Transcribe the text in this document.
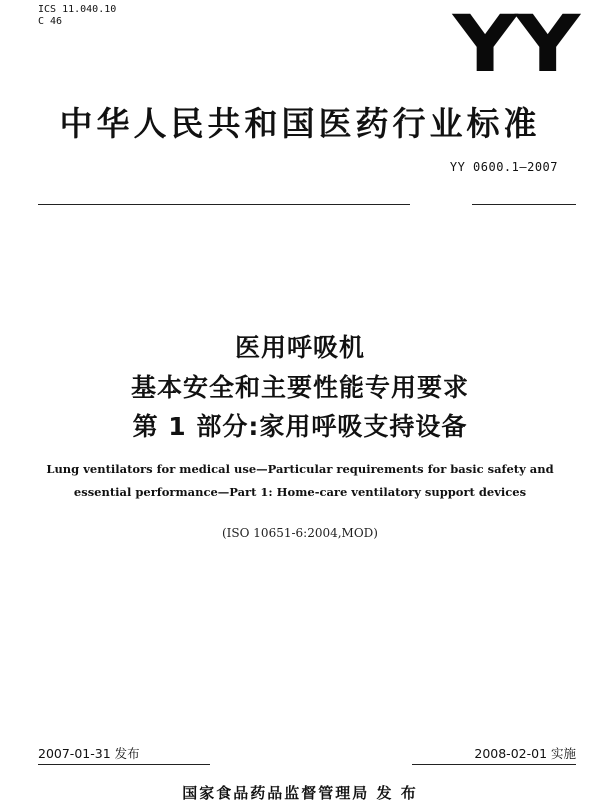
ICS 11.040.10
C 46	YY
中华人民共和国医药行业标准
YY 0600.1—2007
医用呼吸机
基本安全和主要性能专用要求
第 1 部分:家用呼吸支持设备
Lung ventilators for medical use—Particular requirements for basic safety and
essential performance—Part 1: Home-care ventilatory support devices
(ISO 10651-6:2004,MOD)
2007-01-31 发布	2008-02-01 实施
国家食品药品监督管理局 发 布
